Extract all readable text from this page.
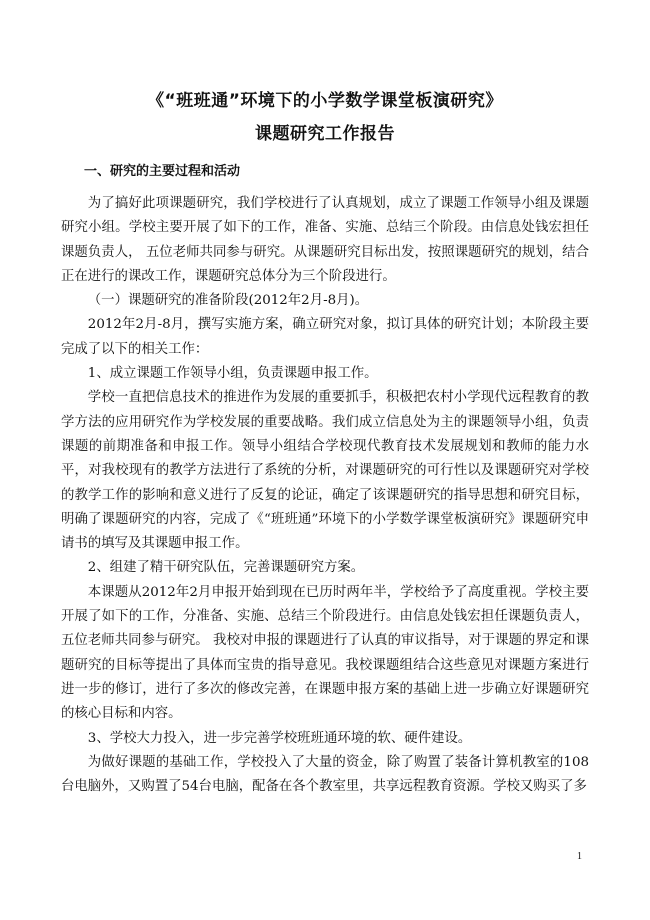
《“班班通”环境下的小学数学课堂板演研究》
课题研究工作报告
一、研究的主要过程和活动

为了搞好此项课题研究，我们学校进行了认真规划，成立了课题工作领导小组及课题研究小组。学校主要开展了如下的工作，准备、实施、总结三个阶段。由信息处钱宏担任课题负责人， 五位老师共同参与研究。从课题研究目标出发，按照课题研究的规划，结合正在进行的课改工作，课题研究总体分为三个阶段进行。

（一）课题研究的准备阶段(2012年2月-8月)。

2012年2月-8月，撰写实施方案，确立研究对象，拟订具体的研究计划；本阶段主要完成了以下的相关工作：

1、成立课题工作领导小组，负责课题申报工作。

学校一直把信息技术的推进作为发展的重要抓手，积极把农村小学现代远程教育的教学方法的应用研究作为学校发展的重要战略。我们成立信息处为主的课题领导小组，负责课题的前期准备和申报工作。领导小组结合学校现代教育技术发展规划和教师的能力水平，对我校现有的教学方法进行了系统的分析，对课题研究的可行性以及课题研究对学校的教学工作的影响和意义进行了反复的论证，确定了该课题研究的指导思想和研究目标，明确了课题研究的内容，完成了《“班班通”环境下的小学数学课堂板演研究》课题研究申请书的填写及其课题申报工作。

2、组建了精干研究队伍，完善课题研究方案。

本课题从2012年2月申报开始到现在已历时两年半，学校给予了高度重视。学校主要开展了如下的工作，分准备、实施、总结三个阶段进行。由信息处钱宏担任课题负责人，五位老师共同参与研究。 我校对申报的课题进行了认真的审议指导，对于课题的界定和课题研究的目标等提出了具体而宝贵的指导意见。我校课题组结合这些意见对课题方案进行进一步的修订，进行了多次的修改完善，在课题申报方案的基础上进一步确立好课题研究的核心目标和内容。

3、学校大力投入，进一步完善学校班班通环境的软、硬件建设。

为做好课题的基础工作，学校投入了大量的资金，除了购置了装备计算机教室的108台电脑外，又购置了54台电脑，配备在各个教室里，共享远程教育资源。学校又购买了多

1
